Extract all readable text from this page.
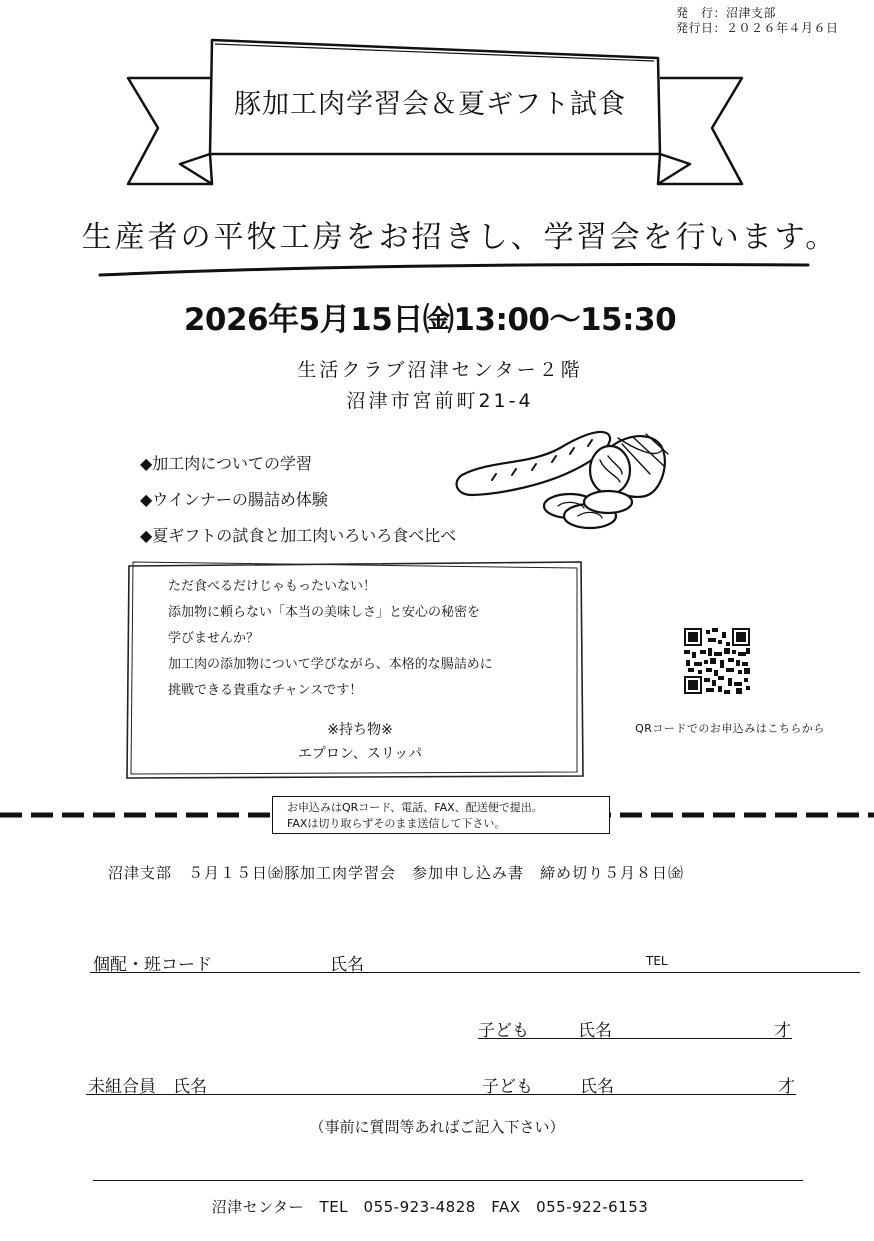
発　行：沼津支部
発行日：２０２６年４月６日
豚加工肉学習会＆夏ギフト試食
生産者の平牧工房をお招きし、学習会を行います。
2026年5月15日㈮13:00～15:30
生活クラブ沼津センター２階
沼津市宮前町21-4
◆加工肉についての学習
◆ウインナーの腸詰め体験
◆夏ギフトの試食と加工肉いろいろ食べ比べ
ただ食べるだけじゃもったいない！
添加物に頼らない「本当の美味しさ」と安心の秘密を
学びませんか？
加工肉の添加物について学びながら、本格的な腸詰めに
挑戦できる貴重なチャンスです！
※持ち物※
エプロン、スリッパ
QRコードでのお申込みはこちらから
お申込みはQRコード、電話、FAX、配送便で提出。
FAXは切り取らずそのまま送信して下さい。
沼津支部　５月１５日㈮豚加工肉学習会　参加申し込み書　締め切り５月８日㈮
個配・班コード	氏名	TEL
子ども	氏名	才
未組合員　氏名	子ども	氏名	才
（事前に質問等あればご記入下さい）
沼津センター　TEL　055-923-4828　FAX　055-922-6153
